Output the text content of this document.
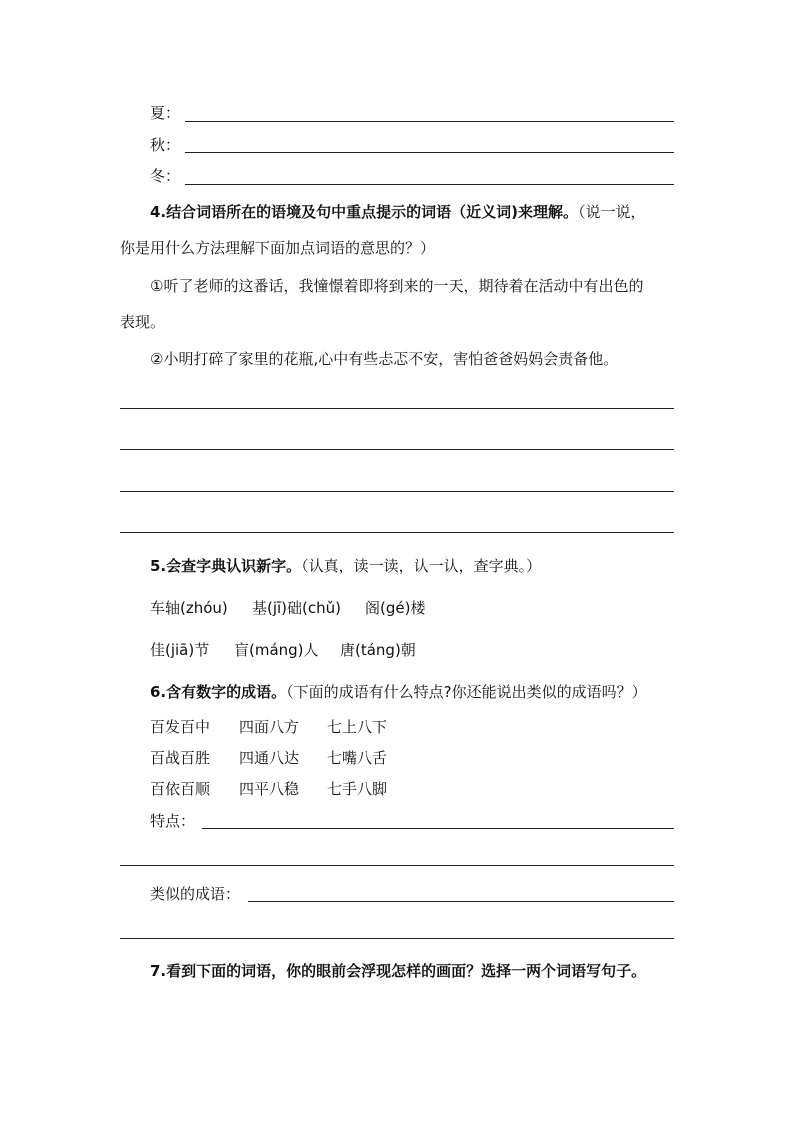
夏：
秋：
冬：
4.结合词语所在的语境及句中重点提示的词语（近义词)来理解。（说一说，
你是用什么方法理解下面加点词语的意思的？）
①听了老师的这番话，我憧憬着即将到来的一天，期待着在活动中有出色的
表现。
②小明打碎了家里的花瓶,心中有些忐忑不安，害怕爸爸妈妈会责备他。
5.会查字典认识新字。（认真，读一读，认一认，查字典。）
车轴(zhóu)	基(jī)础(chǔ)	阁(gé)楼
佳(jiā)节	盲(máng)人	唐(táng)朝
6.含有数字的成语。（下面的成语有什么特点?你还能说出类似的成语吗？）
百发百中	四面八方	七上八下
百战百胜	四通八达	七嘴八舌
百依百顺	四平八稳	七手八脚
特点：
类似的成语：
7.看到下面的词语，你的眼前会浮现怎样的画面？选择一两个词语写句子。
